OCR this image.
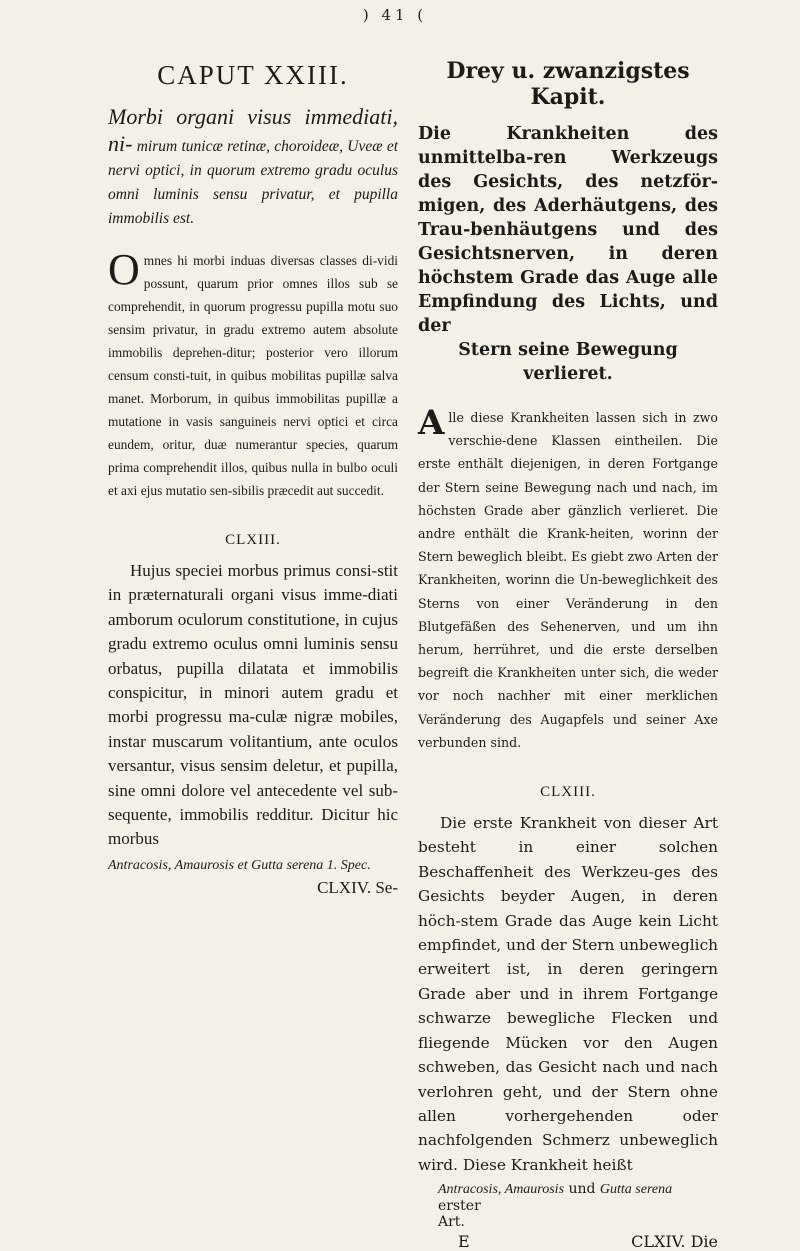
) 41 (
CAPUT XXIII.

Morbi organi visus immediati, ni- mirum tunicæ retinæ, choroideæ, Uveæ et nervi optici, in quorum extremo gradu oculus omni luminis sensu privatur, et pupilla immobilis est.

O mnes hi morbi induas diversas classes di-vidi possunt, quarum prior omnes illos sub se comprehendit, in quorum progressu pupilla motu suo sensim privatur, in gradu extremo autem absolute immobilis deprehen-ditur; posterior vero illorum censum consti-tuit, in quibus mobilitas pupillæ salva manet. Morborum, in quibus immobilitas pupillæ a mutatione in vasis sanguineis nervi optici et circa eundem, oritur, duæ numerantur species, quarum prima comprehendit illos, quibus nulla in bulbo oculi et axi ejus mutatio sen-sibilis præcedit aut succedit.

CLXIII.

Hujus speciei morbus primus consi-stit in præternaturali organi visus imme-diati amborum oculorum constitutione, in cujus gradu extremo oculus omni luminis sensu orbatus, pupilla dilatata et immobilis conspicitur, in minori autem gradu et morbi progressu ma-culæ nigræ mobiles, instar muscarum volitantium, ante oculos versantur, visus sensim deletur, et pupilla, sine omni dolore vel antecedente vel sub-sequente, immobilis redditur. Dicitur hic morbus

Antracosis, Amaurosis et Gutta serena 1. Spec.
CLXIV. Se-
Drey u. zwanzigstes Kapit.

Die Krankheiten des unmittelba-ren Werkzeugs des Gesichts, des netzför-migen, des Aderhäutgens, des Trau-benhäutgens und des Gesichtsnerven, in deren höchstem Grade das Auge alle Empfindung des Lichts, und der
Stern seine Bewegung verlieret.

A lle diese Krankheiten lassen sich in zwo verschie-dene Klassen eintheilen. Die erste enthält diejenigen, in deren Fortgange der Stern seine Bewegung nach und nach, im höchsten Grade aber gänzlich verlieret. Die andre enthält die Krank-heiten, worinn der Stern beweglich bleibt. Es giebt zwo Arten der Krankheiten, worinn die Un-beweglichkeit des Sterns von einer Veränderung in den Blutgefäßen des Sehenerven, und um ihn herum, herrühret, und die erste derselben begreift die Krankheiten unter sich, die weder vor noch nachher mit einer merklichen Veränderung des Augapfels und seiner Axe verbunden sind.

CLXIII.

Die erste Krankheit von dieser Art besteht in einer solchen Beschaffenheit des Werkzeu-ges des Gesichts beyder Augen, in deren höch-stem Grade das Auge kein Licht empfindet, und der Stern unbeweglich erweitert ist, in deren geringern Grade aber und in ihrem Fortgange schwarze bewegliche Flecken und fliegende Mücken vor den Augen schweben, das Gesicht nach und nach verlohren geht, und der Stern ohne allen vorhergehenden oder nachfolgenden Schmerz unbeweglich wird. Diese Krankheit heißt

Antracosis, Amaurosis und Gutta serena erster
Art.
E	CLXIV. Die
